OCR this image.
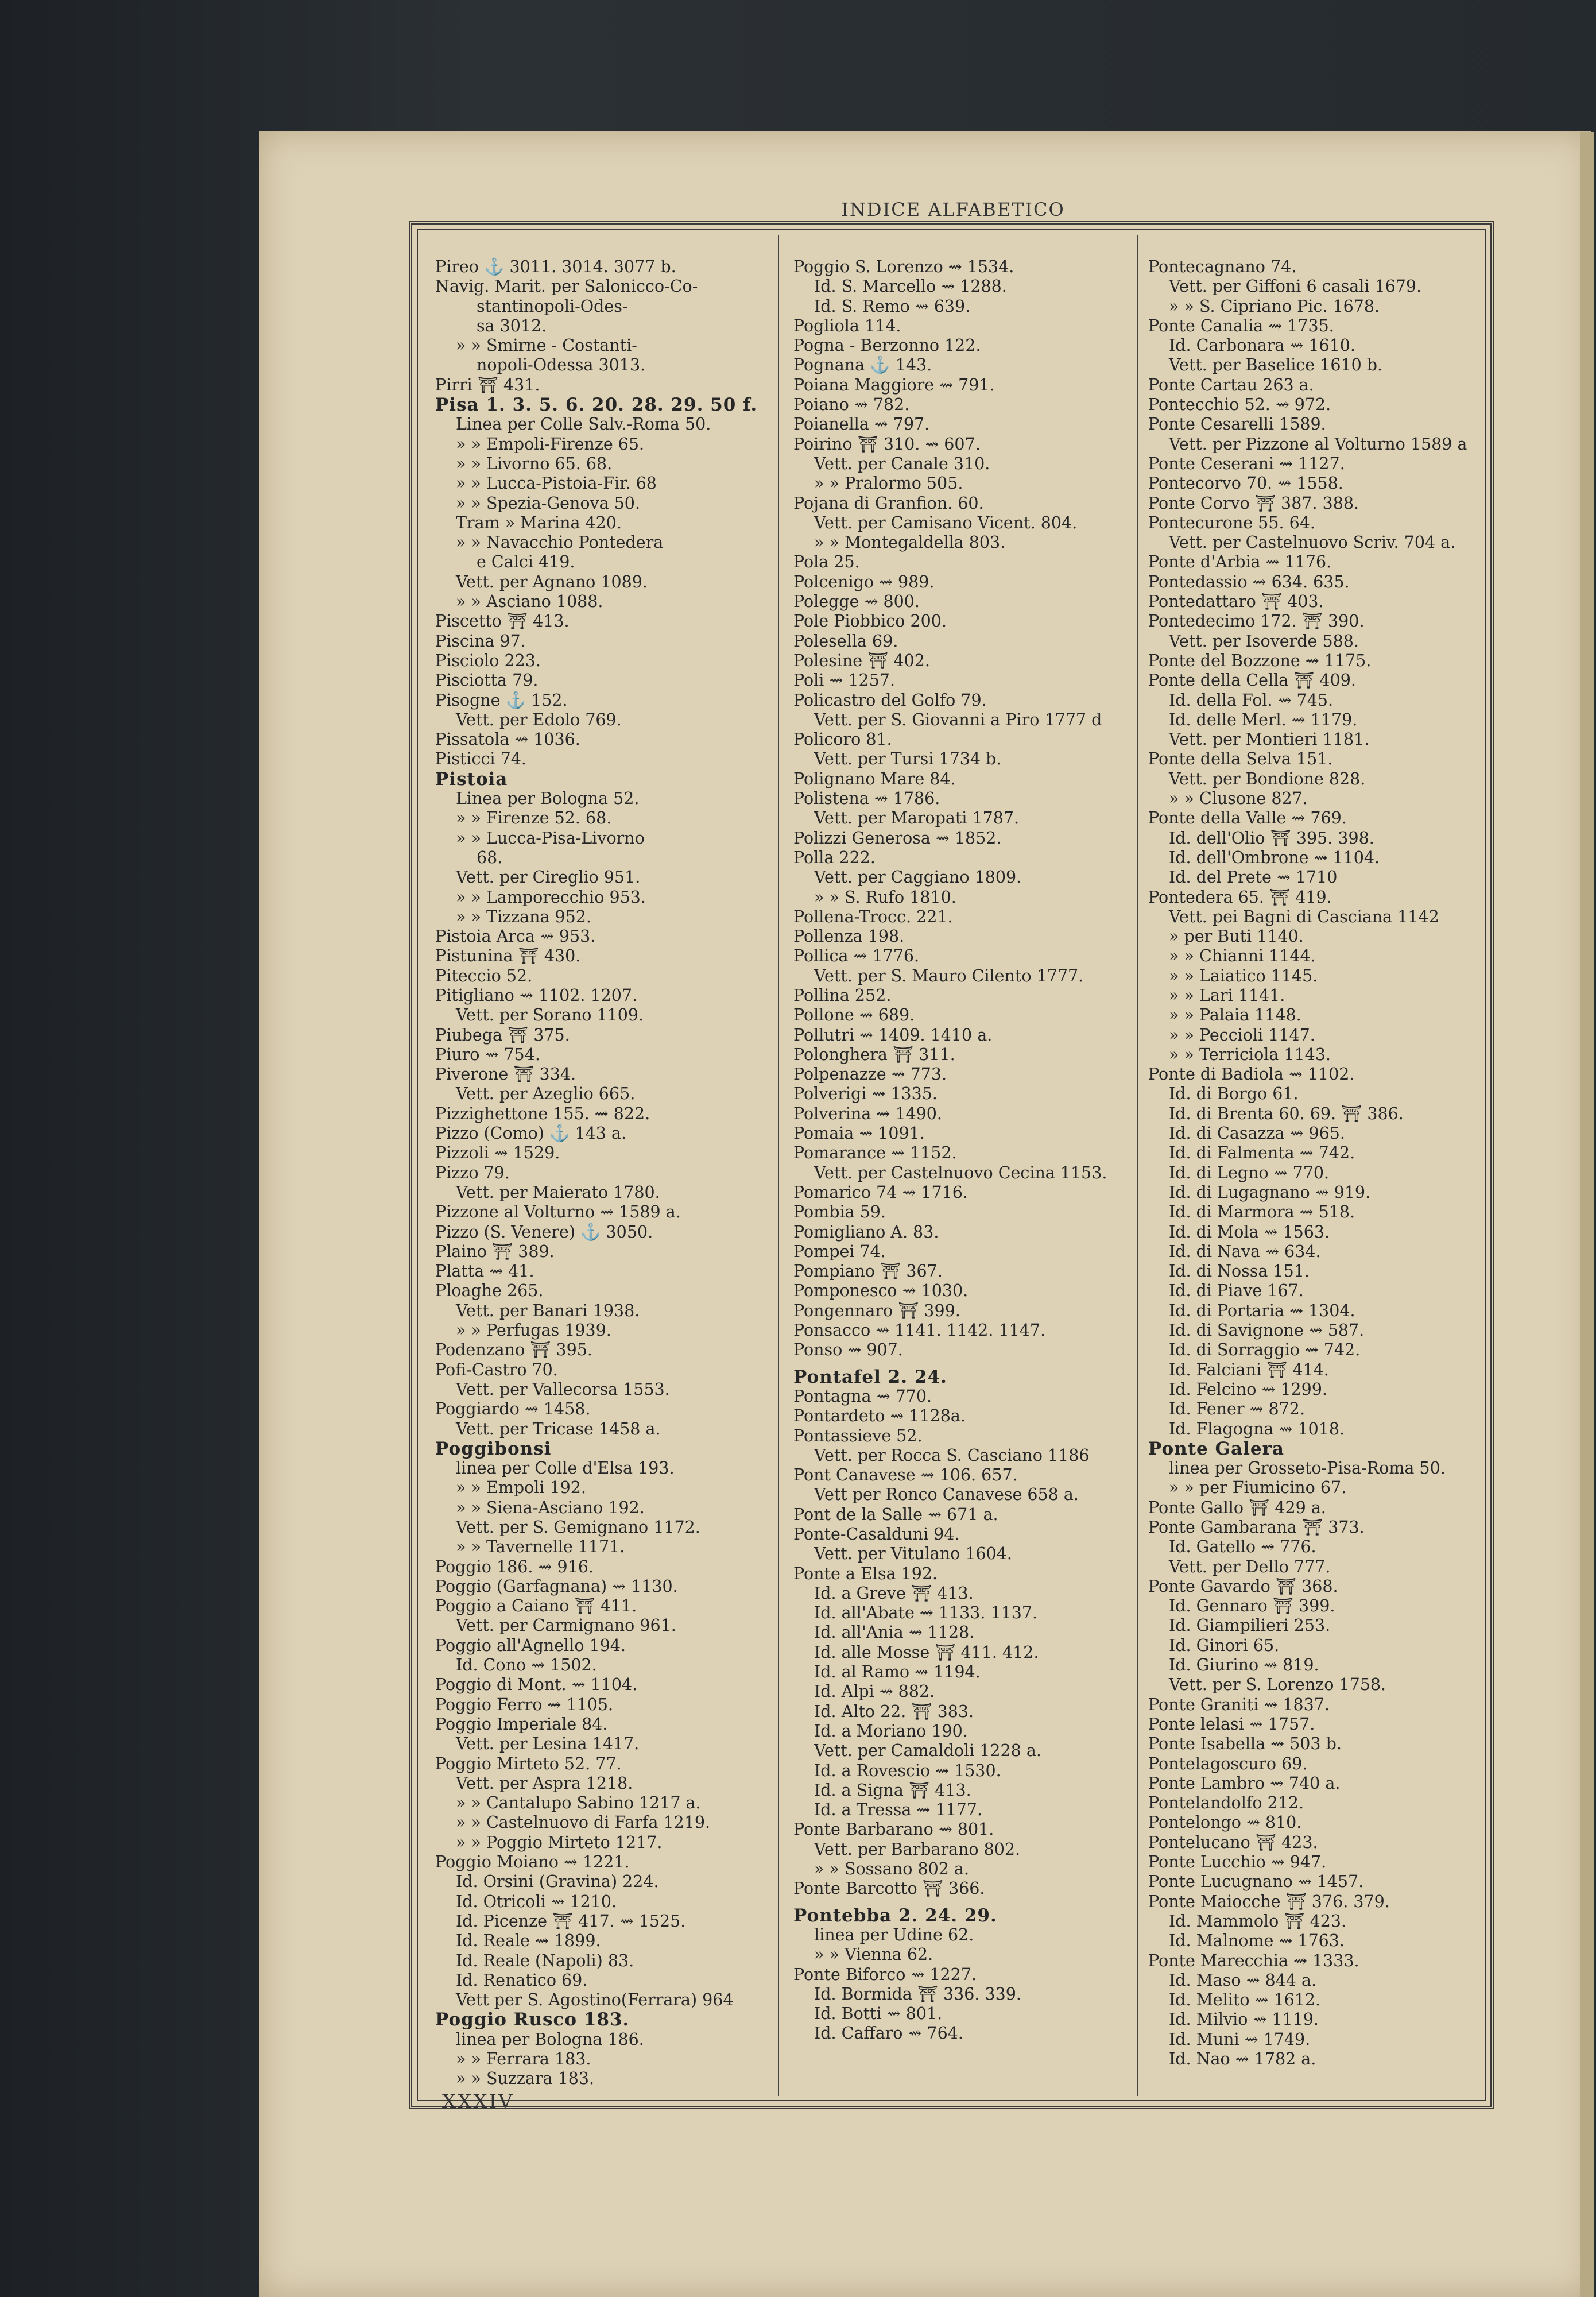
INDICE ALFABETICO
Pireo ⚓ 3011. 3014. 3077 b.
Navig. Marit. per Salonicco-Co-
stantinopoli-Odes-
sa 3012.
» » Smirne - Costanti-
nopoli-Odessa 3013.
Pirri ⛩ 431.
Pisa 1. 3. 5. 6. 20. 28. 29. 50 f.
Linea per Colle Salv.-Roma 50.
» » Empoli-Firenze 65.
» » Livorno 65. 68.
» » Lucca-Pistoia-Fir. 68
» » Spezia-Genova 50.
Tram » Marina 420.
» » Navacchio Pontedera
e Calci 419.
Vett. per Agnano 1089.
» » Asciano 1088.
Piscetto ⛩ 413.
Piscina 97.
Pisciolo 223.
Pisciotta 79.
Pisogne ⚓ 152.
Vett. per Edolo 769.
Pissatola ⇝ 1036.
Pisticci 74.
Pistoia
Linea per Bologna 52.
» » Firenze 52. 68.
» » Lucca-Pisa-Livorno
68.
Vett. per Cireglio 951.
» » Lamporecchio 953.
» » Tizzana 952.
Pistoia Arca ⇝ 953.
Pistunina ⛩ 430.
Piteccio 52.
Pitigliano ⇝ 1102. 1207.
Vett. per Sorano 1109.
Piubega ⛩ 375.
Piuro ⇝ 754.
Piverone ⛩ 334.
Vett. per Azeglio 665.
Pizzighettone 155. ⇝ 822.
Pizzo (Como) ⚓ 143 a.
Pizzoli ⇝ 1529.
Pizzo 79.
Vett. per Maierato 1780.
Pizzone al Volturno ⇝ 1589 a.
Pizzo (S. Venere) ⚓ 3050.
Plaino ⛩ 389.
Platta ⇝ 41.
Ploaghe 265.
Vett. per Banari 1938.
» » Perfugas 1939.
Podenzano ⛩ 395.
Pofi-Castro 70.
Vett. per Vallecorsa 1553.
Poggiardo ⇝ 1458.
Vett. per Tricase 1458 a.
Poggibonsi
linea per Colle d'Elsa 193.
» » Empoli 192.
» » Siena-Asciano 192.
Vett. per S. Gemignano 1172.
» » Tavernelle 1171.
Poggio 186. ⇝ 916.
Poggio (Garfagnana) ⇝ 1130.
Poggio a Caiano ⛩ 411.
Vett. per Carmignano 961.
Poggio all'Agnello 194.
Id. Cono ⇝ 1502.
Poggio di Mont. ⇝ 1104.
Poggio Ferro ⇝ 1105.
Poggio Imperiale 84.
Vett. per Lesina 1417.
Poggio Mirteto 52. 77.
Vett. per Aspra 1218.
» » Cantalupo Sabino 1217 a.
» » Castelnuovo di Farfa 1219.
» » Poggio Mirteto 1217.
Poggio Moiano ⇝ 1221.
Id. Orsini (Gravina) 224.
Id. Otricoli ⇝ 1210.
Id. Picenze ⛩ 417. ⇝ 1525.
Id. Reale ⇝ 1899.
Id. Reale (Napoli) 83.
Id. Renatico 69.
Vett per S. Agostino(Ferrara) 964
Poggio Rusco 183.
linea per Bologna 186.
» » Ferrara 183.
» » Suzzara 183.
Poggio S. Lorenzo ⇝ 1534.
Id. S. Marcello ⇝ 1288.
Id. S. Remo ⇝ 639.
Pogliola 114.
Pogna - Berzonno 122.
Pognana ⚓ 143.
Poiana Maggiore ⇝ 791.
Poiano ⇝ 782.
Poianella ⇝ 797.
Poirino ⛩ 310. ⇝ 607.
Vett. per Canale 310.
» » Pralormo 505.
Pojana di Granfion. 60.
Vett. per Camisano Vicent. 804.
» » Montegaldella 803.
Pola 25.
Polcenigo ⇝ 989.
Polegge ⇝ 800.
Pole Piobbico 200.
Polesella 69.
Polesine ⛩ 402.
Poli ⇝ 1257.
Policastro del Golfo 79.
Vett. per S. Giovanni a Piro 1777 d
Policoro 81.
Vett. per Tursi 1734 b.
Polignano Mare 84.
Polistena ⇝ 1786.
Vett. per Maropati 1787.
Polizzi Generosa ⇝ 1852.
Polla 222.
Vett. per Caggiano 1809.
» » S. Rufo 1810.
Pollena-Trocc. 221.
Pollenza 198.
Pollica ⇝ 1776.
Vett. per S. Mauro Cilento 1777.
Pollina 252.
Pollone ⇝ 689.
Pollutri ⇝ 1409. 1410 a.
Polonghera ⛩ 311.
Polpenazze ⇝ 773.
Polverigi ⇝ 1335.
Polverina ⇝ 1490.
Pomaia ⇝ 1091.
Pomarance ⇝ 1152.
Vett. per Castelnuovo Cecina 1153.
Pomarico 74 ⇝ 1716.
Pombia 59.
Pomigliano A. 83.
Pompei 74.
Pompiano ⛩ 367.
Pomponesco ⇝ 1030.
Pongennaro ⛩ 399.
Ponsacco ⇝ 1141. 1142. 1147.
Ponso ⇝ 907.
Pontafel 2. 24.
Pontagna ⇝ 770.
Pontardeto ⇝ 1128a.
Pontassieve 52.
Vett. per Rocca S. Casciano 1186
Pont Canavese ⇝ 106. 657.
Vett per Ronco Canavese 658 a.
Pont de la Salle ⇝ 671 a.
Ponte-Casalduni 94.
Vett. per Vitulano 1604.
Ponte a Elsa 192.
Id. a Greve ⛩ 413.
Id. all'Abate ⇝ 1133. 1137.
Id. all'Ania ⇝ 1128.
Id. alle Mosse ⛩ 411. 412.
Id. al Ramo ⇝ 1194.
Id. Alpi ⇝ 882.
Id. Alto 22. ⛩ 383.
Id. a Moriano 190.
Vett. per Camaldoli 1228 a.
Id. a Rovescio ⇝ 1530.
Id. a Signa ⛩ 413.
Id. a Tressa ⇝ 1177.
Ponte Barbarano ⇝ 801.
Vett. per Barbarano 802.
» » Sossano 802 a.
Ponte Barcotto ⛩ 366.
Pontebba 2. 24. 29.
linea per Udine 62.
» » Vienna 62.
Ponte Biforco ⇝ 1227.
Id. Bormida ⛩ 336. 339.
Id. Botti ⇝ 801.
Id. Caffaro ⇝ 764.
Pontecagnano 74.
Vett. per Giffoni 6 casali 1679.
» » S. Cipriano Pic. 1678.
Ponte Canalia ⇝ 1735.
Id. Carbonara ⇝ 1610.
Vett. per Baselice 1610 b.
Ponte Cartau 263 a.
Pontecchio 52. ⇝ 972.
Ponte Cesarelli 1589.
Vett. per Pizzone al Volturno 1589 a
Ponte Ceserani ⇝ 1127.
Pontecorvo 70. ⇝ 1558.
Ponte Corvo ⛩ 387. 388.
Pontecurone 55. 64.
Vett. per Castelnuovo Scriv. 704 a.
Ponte d'Arbia ⇝ 1176.
Pontedassio ⇝ 634. 635.
Pontedattaro ⛩ 403.
Pontedecimo 172. ⛩ 390.
Vett. per Isoverde 588.
Ponte del Bozzone ⇝ 1175.
Ponte della Cella ⛩ 409.
Id. della Fol. ⇝ 745.
Id. delle Merl. ⇝ 1179.
Vett. per Montieri 1181.
Ponte della Selva 151.
Vett. per Bondione 828.
» » Clusone 827.
Ponte della Valle ⇝ 769.
Id. dell'Olio ⛩ 395. 398.
Id. dell'Ombrone ⇝ 1104.
Id. del Prete ⇝ 1710
Pontedera 65. ⛩ 419.
Vett. pei Bagni di Casciana 1142
» per Buti 1140.
» » Chianni 1144.
» » Laiatico 1145.
» » Lari 1141.
» » Palaia 1148.
» » Peccioli 1147.
» » Terriciola 1143.
Ponte di Badiola ⇝ 1102.
Id. di Borgo 61.
Id. di Brenta 60. 69. ⛩ 386.
Id. di Casazza ⇝ 965.
Id. di Falmenta ⇝ 742.
Id. di Legno ⇝ 770.
Id. di Lugagnano ⇝ 919.
Id. di Marmora ⇝ 518.
Id. di Mola ⇝ 1563.
Id. di Nava ⇝ 634.
Id. di Nossa 151.
Id. di Piave 167.
Id. di Portaria ⇝ 1304.
Id. di Savignone ⇝ 587.
Id. di Sorraggio ⇝ 742.
Id. Falciani ⛩ 414.
Id. Felcino ⇝ 1299.
Id. Fener ⇝ 872.
Id. Flagogna ⇝ 1018.
Ponte Galera
linea per Grosseto-Pisa-Roma 50.
» » per Fiumicino 67.
Ponte Gallo ⛩ 429 a.
Ponte Gambarana ⛩ 373.
Id. Gatello ⇝ 776.
Vett. per Dello 777.
Ponte Gavardo ⛩ 368.
Id. Gennaro ⛩ 399.
Id. Giampilieri 253.
Id. Ginori 65.
Id. Giurino ⇝ 819.
Vett. per S. Lorenzo 1758.
Ponte Graniti ⇝ 1837.
Ponte lelasi ⇝ 1757.
Ponte Isabella ⇝ 503 b.
Pontelagoscuro 69.
Ponte Lambro ⇝ 740 a.
Pontelandolfo 212.
Pontelongo ⇝ 810.
Pontelucano ⛩ 423.
Ponte Lucchio ⇝ 947.
Ponte Lucugnano ⇝ 1457.
Ponte Maiocche ⛩ 376. 379.
Id. Mammolo ⛩ 423.
Id. Malnome ⇝ 1763.
Ponte Marecchia ⇝ 1333.
Id. Maso ⇝ 844 a.
Id. Melito ⇝ 1612.
Id. Milvio ⇝ 1119.
Id. Muni ⇝ 1749.
Id. Nao ⇝ 1782 a.
XXXIV
